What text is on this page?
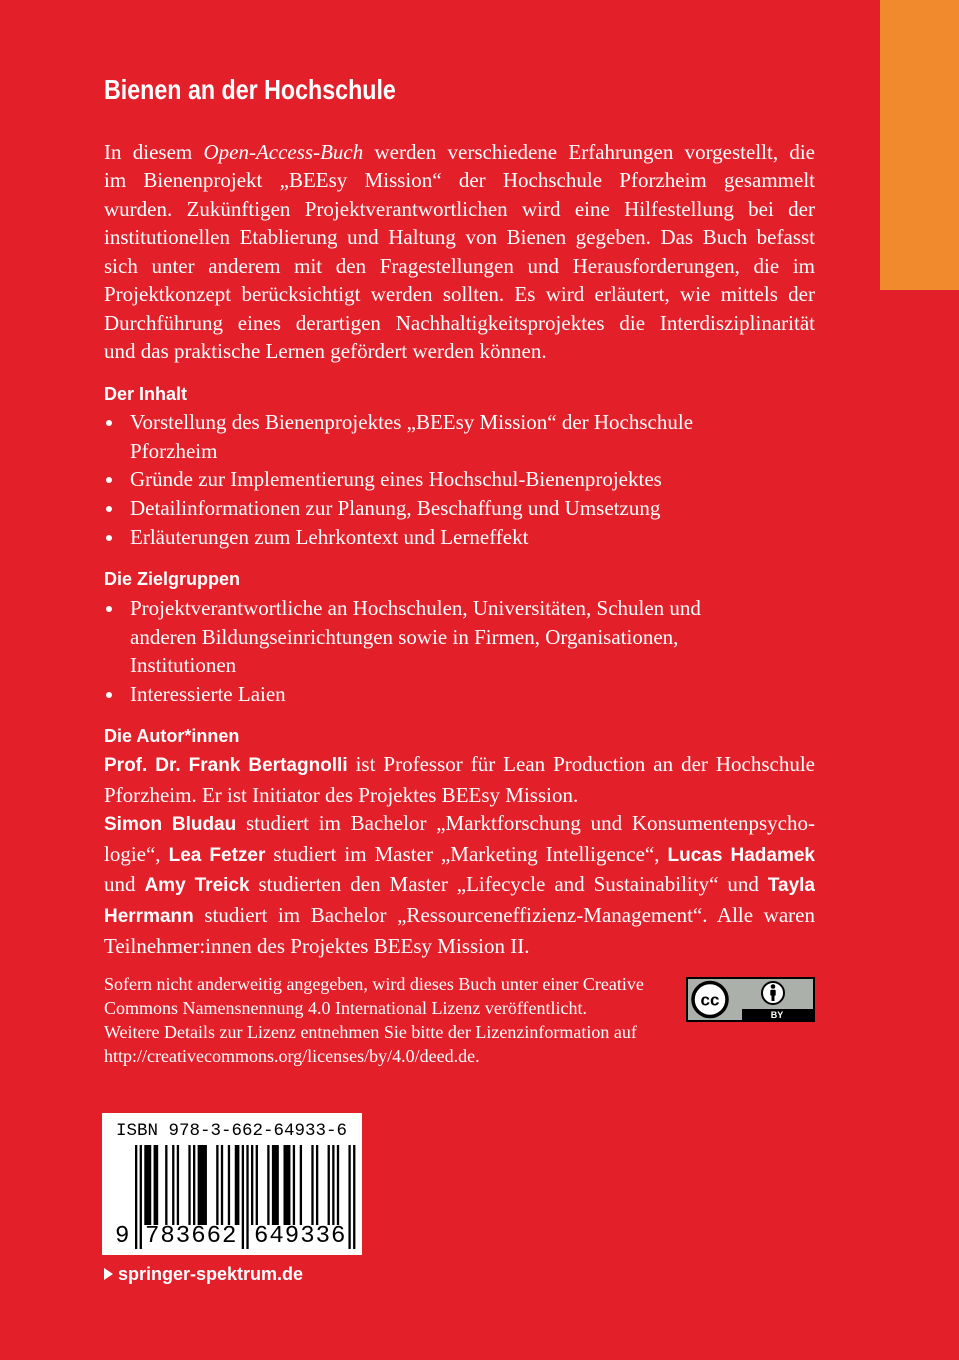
Bienen an der Hochschule
In diesem Open-Access-Buch werden verschiedene Erfahrungen vorgestellt, die
im Bienenprojekt „BEEsy Mission“ der Hochschule Pforzheim gesammelt
wurden. Zukünftigen Projektverantwortlichen wird eine Hilfestellung bei der
institutionellen Etablierung und Haltung von Bienen gegeben. Das Buch befasst
sich unter anderem mit den Fragestellungen und Herausforderungen, die im
Projektkonzept berücksichtigt werden sollten. Es wird erläutert, wie mittels der
Durchführung eines derartigen Nachhaltigkeitsprojektes die Interdisziplinarität
und das praktische Lernen gefördert werden können.
Der Inhalt
Vorstellung des Bienenprojektes „BEEsy Mission“ der Hochschule
Pforzheim
Gründe zur Implementierung eines Hochschul-Bienenprojektes
Detailinformationen zur Planung, Beschaffung und Umsetzung
Erläuterungen zum Lehrkontext und Lerneffekt
Die Zielgruppen
Projektverantwortliche an Hochschulen, Universitäten, Schulen und
anderen Bildungseinrichtungen sowie in Firmen, Organisationen,
Institutionen
Interessierte Laien
Die Autor*innen
Prof. Dr. Frank Bertagnolli ist Professor für Lean Production an der Hochschule
Pforzheim. Er ist Initiator des Projektes BEEsy Mission.
Simon Bludau studiert im Bachelor „Marktforschung und Konsumentenpsycho-
logie“, Lea Fetzer studiert im Master „Marketing Intelligence“, Lucas Hadamek
und Amy Treick studierten den Master „Lifecycle and Sustainability“ und Tayla
Herrmann studiert im Bachelor „Ressourceneffizienz-Management“. Alle waren
Teilnehmer:innen des Projektes BEEsy Mission II.
Sofern nicht anderweitig angegeben, wird dieses Buch unter einer Creative
Commons Namensnennung 4.0 International Lizenz veröffentlicht.
Weitere Details zur Lizenz entnehmen Sie bitte der Lizenzinformation auf
http://creativecommons.org/licenses/by/4.0/deed.de.
BY
cc
ISBN 978-3-662-64933-6
9 783662 649336
springer-spektrum.de
